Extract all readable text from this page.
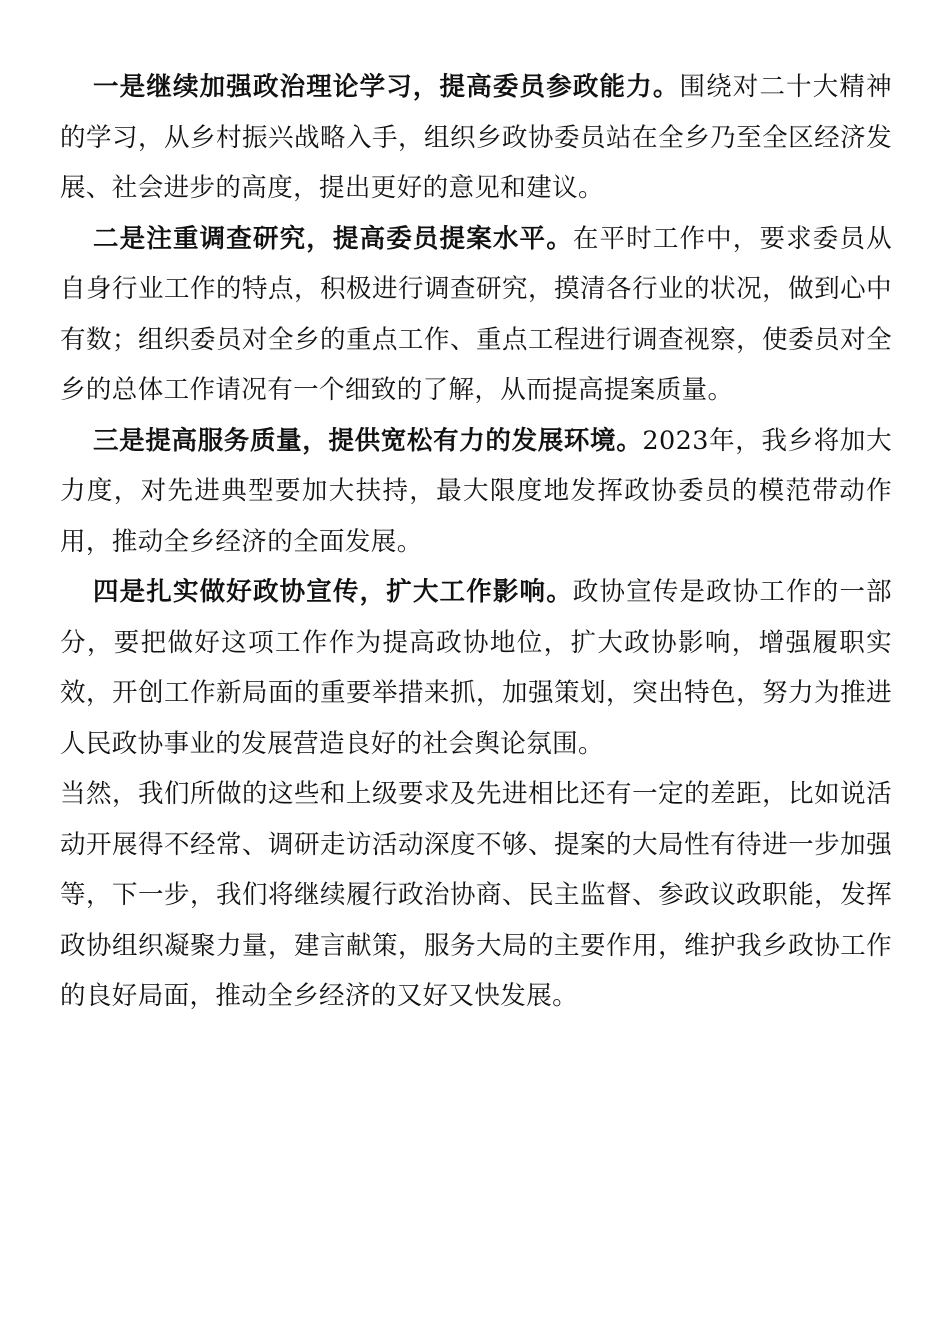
一是继续加强政治理论学习，提高委员参政能力。围绕对二十大精神的学习，从乡村振兴战略入手，组织乡政协委员站在全乡乃至全区经济发展、社会进步的高度，提出更好的意见和建议。

二是注重调查研究，提高委员提案水平。在平时工作中，要求委员从自身行业工作的特点，积极进行调查研究，摸清各行业的状况，做到心中有数；组织委员对全乡的重点工作、重点工程进行调查视察，使委员对全乡的总体工作请况有一个细致的了解，从而提高提案质量。

三是提高服务质量，提供宽松有力的发展环境。2023年，我乡将加大力度，对先进典型要加大扶持，最大限度地发挥政协委员的模范带动作用，推动全乡经济的全面发展。

四是扎实做好政协宣传，扩大工作影响。政协宣传是政协工作的一部分，要把做好这项工作作为提高政协地位，扩大政协影响，增强履职实效，开创工作新局面的重要举措来抓，加强策划，突出特色，努力为推进人民政协事业的发展营造良好的社会舆论氛围。

当然，我们所做的这些和上级要求及先进相比还有一定的差距，比如说活动开展得不经常、调研走访活动深度不够、提案的大局性有待进一步加强等，下一步，我们将继续履行政治协商、民主监督、参政议政职能，发挥政协组织凝聚力量，建言献策，服务大局的主要作用，维护我乡政协工作的良好局面，推动全乡经济的又好又快发展。
